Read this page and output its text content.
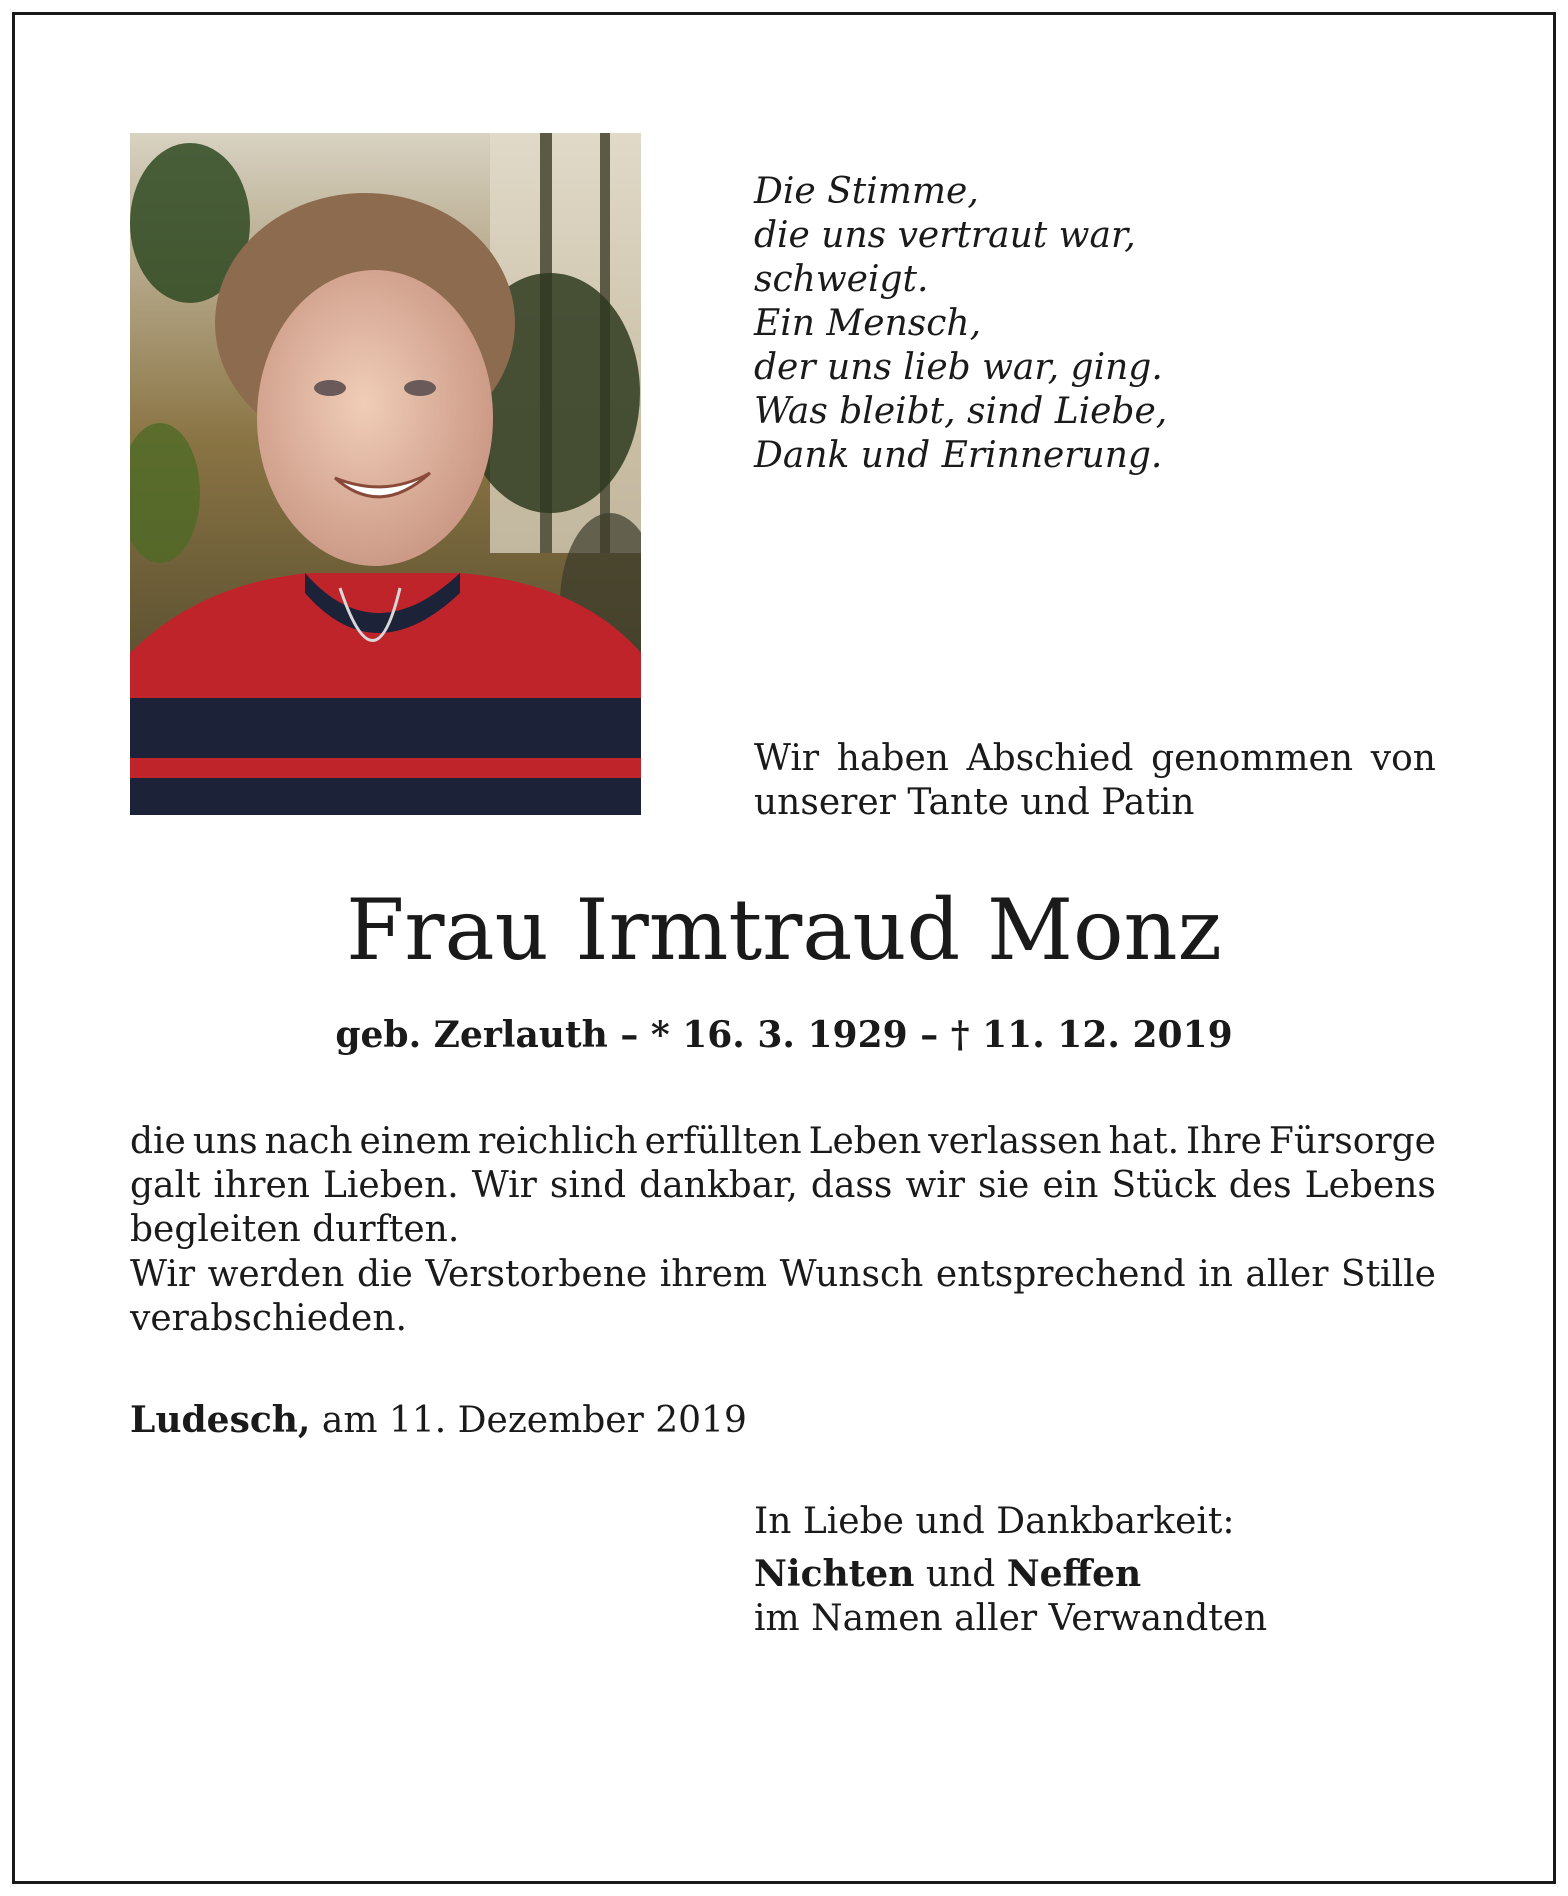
Die Stimme,
die uns vertraut war,
schweigt.
Ein Mensch,
der uns lieb war, ging.
Was bleibt, sind Liebe,
Dank und Erinnerung.
Wir haben Abschied genommen von
unserer Tante und Patin
Frau Irmtraud Monz
geb. Zerlauth – * 16. 3. 1929 – † 11. 12. 2019
die uns nach einem reichlich erfüllten Leben verlassen hat. Ihre Fürsorge
galt ihren Lieben. Wir sind dankbar, dass wir sie ein Stück des Lebens
begleiten durften.
Wir werden die Verstorbene ihrem Wunsch entsprechend in aller Stille
verabschieden.
Ludesch, am 11. Dezember 2019
In Liebe und Dankbarkeit:
Nichten und Neffen
im Namen aller Verwandten
